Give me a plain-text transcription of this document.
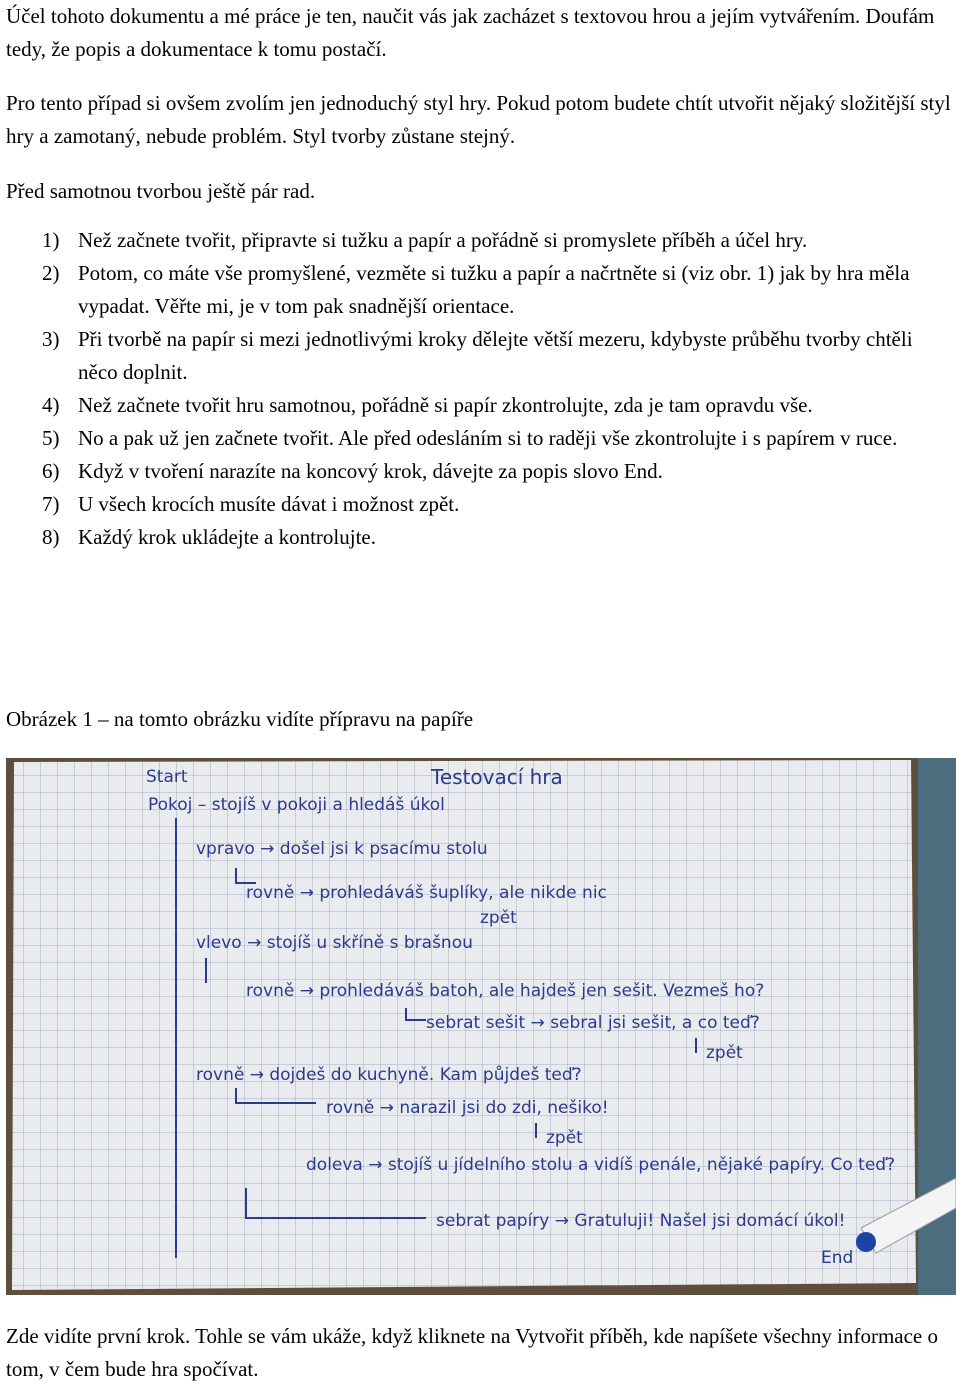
Účel tohoto dokumentu a mé práce je ten, naučit vás jak zacházet s textovou hrou a jejím vytvářením. Doufám tedy, že popis a dokumentace k tomu postačí.

Pro tento případ si ovšem zvolím jen jednoduchý styl hry. Pokud potom budete chtít utvořit nějaký složitější styl hry a zamotaný, nebude problém. Styl tvorby zůstane stejný.

Před samotnou tvorbou ještě pár rad.

1) Než začnete tvořit, připravte si tužku a papír a pořádně si promyslete příběh a účel hry.
2) Potom, co máte vše promyšlené, vezměte si tužku a papír a načrtněte si (viz obr. 1) jak by hra měla vypadat. Věřte mi, je v tom pak snadnější orientace.
3) Při tvorbě na papír si mezi jednotlivými kroky dělejte větší mezeru, kdybyste průběhu tvorby chtěli něco doplnit.
4) Než začnete tvořit hru samotnou, pořádně si papír zkontrolujte, zda je tam opravdu vše.
5) No a pak už jen začnete tvořit. Ale před odesláním si to raději vše zkontrolujte i s papírem v ruce.
6) Když v tvoření narazíte na koncový krok, dávejte za popis slovo End.
7) U všech krocích musíte dávat i možnost zpět.
8) Každý krok ukládejte a kontrolujte.

Obrázek 1 – na tomto obrázku vidíte přípravu na papíře

Start	Testovací hra
Pokoj – stojíš v pokoji a hledáš úkol
vpravo → došel jsi k psacímu stolu
rovně → prohledáváš šuplíky, ale nikde nic
zpět
vlevo → stojíš u skříně s brašnou
rovně → prohledáváš batoh, ale hajdeš jen sešit. Vezmeš ho?
sebrat sešit → sebral jsi sešit, a co teď?
zpět
rovně → dojdeš do kuchyně. Kam půjdeš teď?
rovně → narazil jsi do zdi, nešiko!
zpět
doleva → stojíš u jídelního stolu a vidíš penále, nějaké papíry. Co teď?
sebrat papíry → Gratuluji! Našel jsi domácí úkol!
End

Zde vidíte první krok. Tohle se vám ukáže, když kliknete na Vytvořit příběh, kde napíšete všechny informace o tom, v čem bude hra spočívat.
